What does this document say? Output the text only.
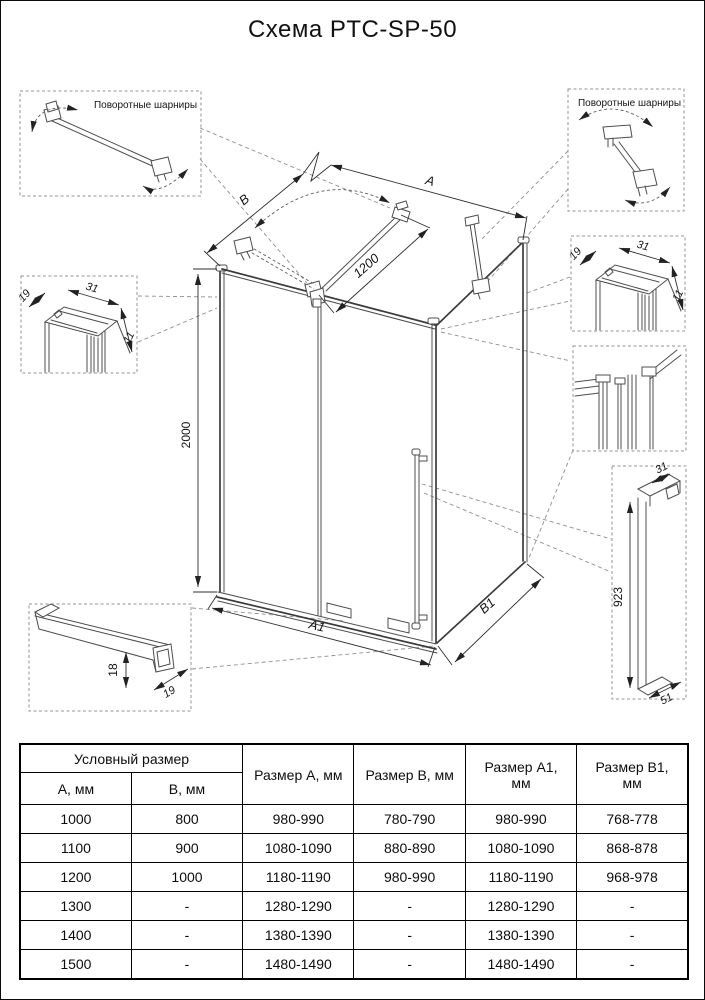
Схема PTC-SP-50
2000
B
A
1200
A1
B1
Поворотные шарниры	Поворотные шарниры
19	31
11
19	31
11
31
923
51
18
19
Условный размер		Размер А, мм	Размер В, мм	Размер А1, мм	Размер В1, мм
А, мм	В, мм				
1000	800	980-990	780-790	980-990	768-778
1100	900	1080-1090	880-890	1080-1090	868-878
1200	1000	1180-1190	980-990	1180-1190	968-978
1300	-	1280-1290	-	1280-1290	-
1400	-	1380-1390	-	1380-1390	-
1500	-	1480-1490	-	1480-1490	-
